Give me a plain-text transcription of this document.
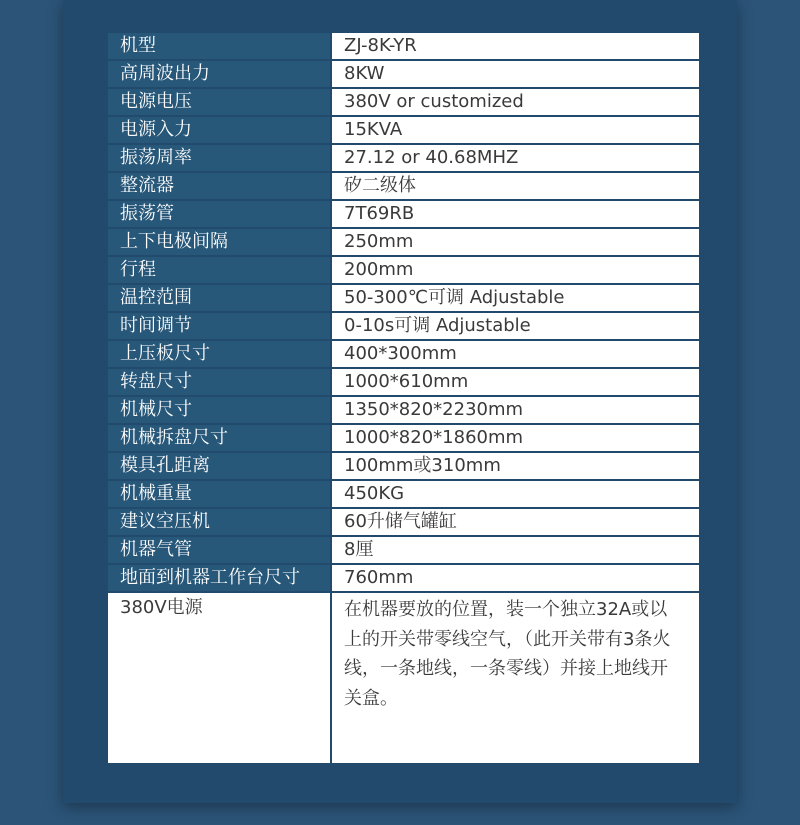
机型	ZJ-8K-YR
高周波出力	8KW
电源电压	380V or customized
电源入力	15KVA
振荡周率	27.12 or 40.68MHZ
整流器	矽二级体
振荡管	7T69RB
上下电极间隔	250mm
行程	200mm
温控范围	50-300℃可调 Adjustable
时间调节	0-10s可调 Adjustable
上压板尺寸	400*300mm
转盘尺寸	1000*610mm
机械尺寸	1350*820*2230mm
机械拆盘尺寸	1000*820*1860mm
模具孔距离	100mm或310mm
机械重量	450KG
建议空压机	60升储气罐缸
机器气管	8厘
地面到机器工作台尺寸	760mm
380V电源	在机器要放的位置，装一个独立32A或以上的开关带零线空气，（此开关带有3条火线，一条地线，一条零线）并接上地线开关盒。
